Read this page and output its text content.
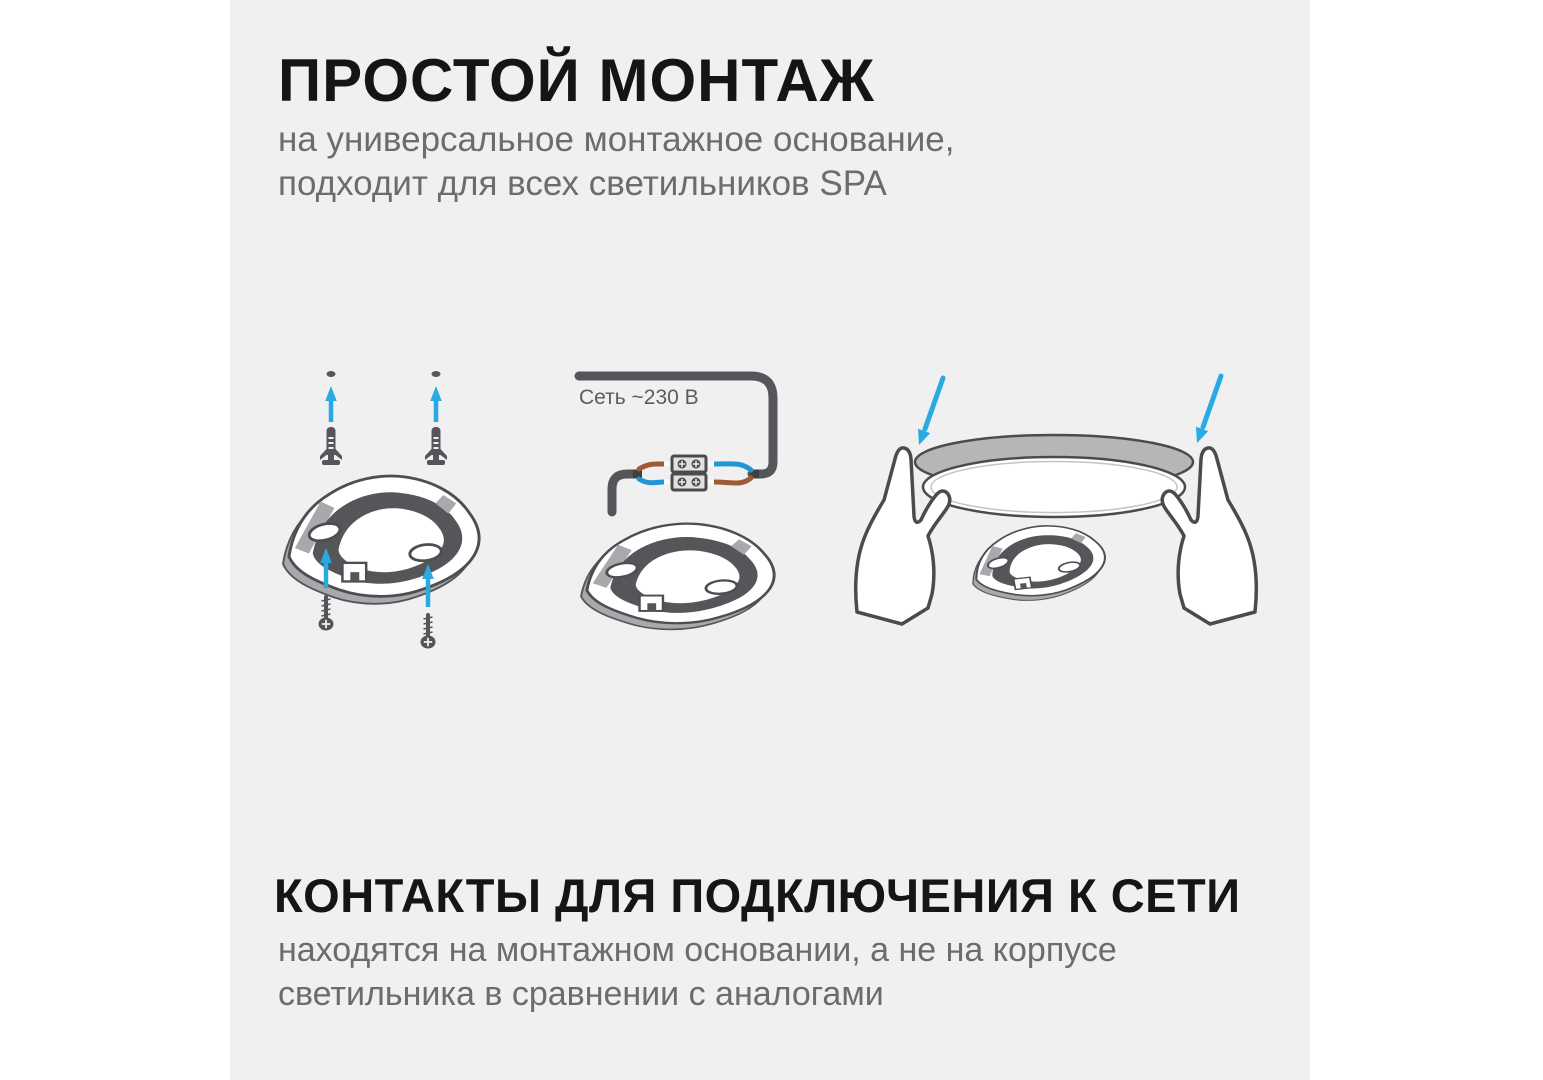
ПРОСТОЙ МОНТАЖ
на универсальное монтажное основание,
подходит для всех светильников SPA
Сеть ~230 В
КОНТАКТЫ ДЛЯ ПОДКЛЮЧЕНИЯ К СЕТИ
находятся на монтажном основании, а не на корпусе
светильника в сравнении с аналогами
